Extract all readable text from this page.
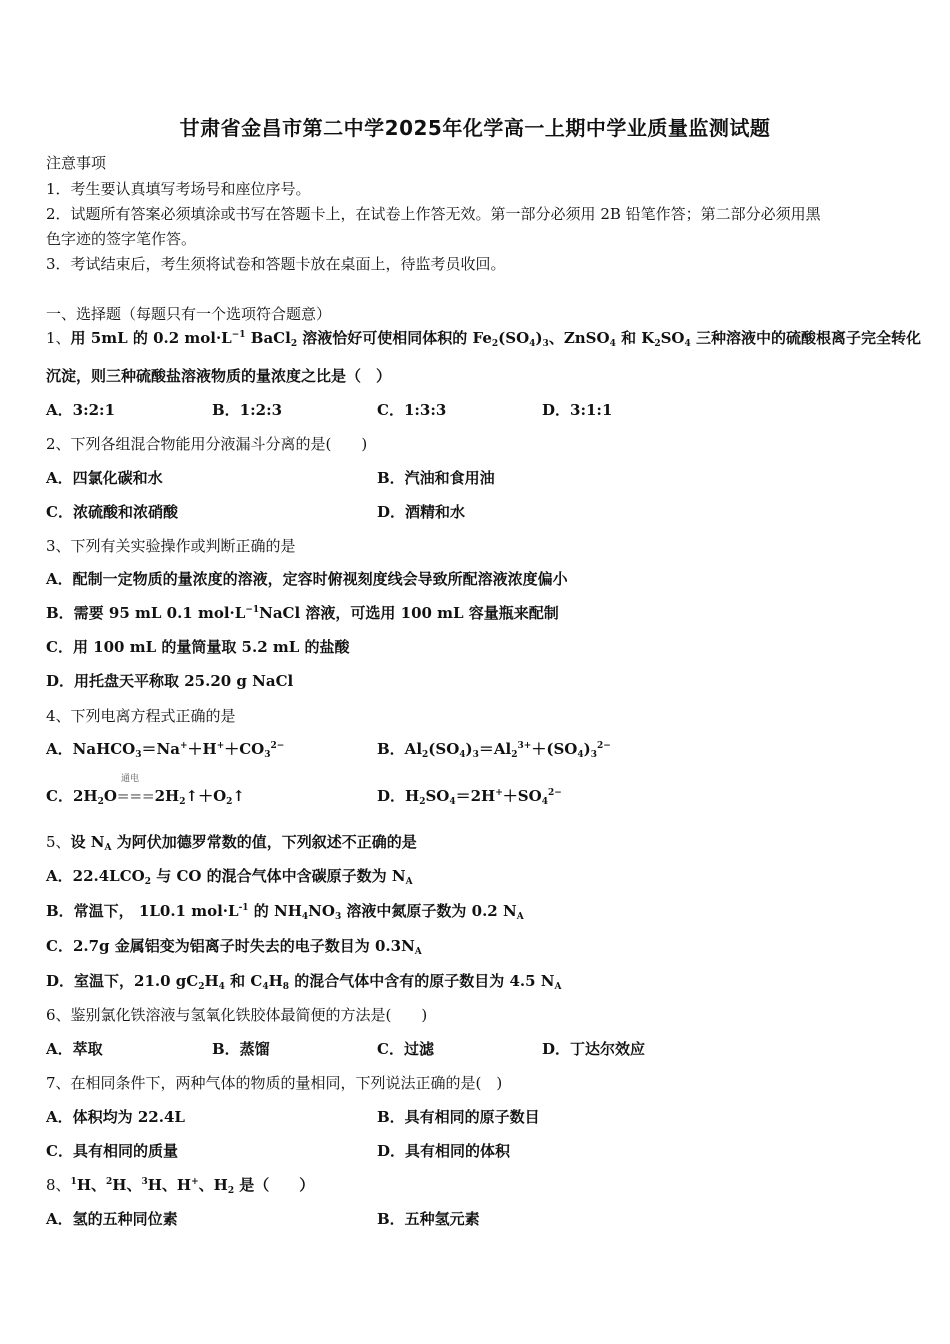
甘肃省金昌市第二中学2025年化学高一上期中学业质量监测试题
注意事项
1．考生要认真填写考场号和座位序号。
2．试题所有答案必须填涂或书写在答题卡上，在试卷上作答无效。第一部分必须用 2B 铅笔作答；第二部分必须用黑
色字迹的签字笔作答。
3．考试结束后，考生须将试卷和答题卡放在桌面上，待监考员收回。
一、选择题（每题只有一个选项符合题意）
1、用 5mL 的 0.2 $mol\cdot L^{-1}$ BaCl$_2$ 溶液恰好可使相同体积的 $Fe_2(SO_4)_3$、ZnSO$_4$ 和 $K_2SO_4$ 三种溶液中的硫酸根离子完全转化
沉淀，则三种硫酸盐溶液物质的量浓度之比是（　）
A．3:2:1	B．1:2:3	C．1:3:3	D．3:1:1
2、下列各组混合物能用分液漏斗分离的是(　　)
A．四氯化碳和水	B．汽油和食用油
C．浓硫酸和浓硝酸	D．酒精和水
3、下列有关实验操作或判断正确的是
A．配制一定物质的量浓度的溶液，定容时俯视刻度线会导致所配溶液浓度偏小
B．需要 95 mL 0.1 $mol\cdot L^{-1}NaCl$ 溶液，可选用 100 mL 容量瓶来配制
C．用 100 mL 的量筒量取 5.2 mL 的盐酸
D．用托盘天平称取 25.20 g NaCl
4、下列电离方程式正确的是
A．$NaHCO_3=Na^++H^++CO_3^{2-}$	B．$Al_2(SO_4)_3=Al_2^{3+}+(SO_4)_3^{2-}$
通电
C．$2H_2O===2H_2↑+O_2↑$	D．$H_2SO_4=2H^++SO_4^{2-}$
5、设 $N_A$ 为阿伏加德罗常数的值，下列叙述不正确的是
A．$22.4LCO_2$ 与 CO 的混合气体中含碳原子数为 $N_A$
B．常温下， 1L0.1 $mol\cdot L^{-1}$ 的 $NH_4NO_3$ 溶液中氮原子数为 0.2 $N_A$
C．2.7g 金属铝变为铝离子时失去的电子数目为 $0.3N_A$
D．室温下，21.0 $gC_2H_4$ 和 $C_4H_8$ 的混合气体中含有的原子数目为 4.5 $N_A$
6、鉴别氯化铁溶液与氢氧化铁胶体最简便的方法是(　　)
A．萃取	B．蒸馏	C．过滤	D．丁达尔效应
7、在相同条件下，两种气体的物质的量相同，下列说法正确的是(　)
A．体积均为 22.4L	B．具有相同的原子数目
C．具有相同的质量	D．具有相同的体积
8、$^1$H、$^2$H、$^3$H、H+、$H_2$ 是（　　）
A．氢的五种同位素	B．五种氢元素
